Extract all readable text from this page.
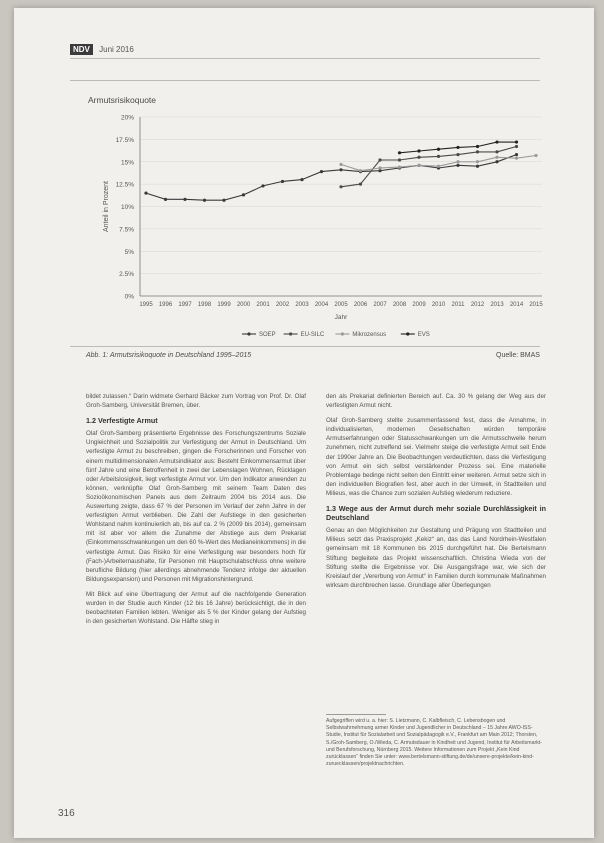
NDV Juni 2016
Armutsrisikoquote
0%
2.5%
5%
7.5%
10%
12.5%
15%
17.5%
20%
1995 1996 1997 1998 1999 2000 2001 2002 2003 2004 2005 2006 2007 2008 2009 2010 2011 2012 2013 2014 2015
Jahr
Anteil in Prozent
SOEP	EU-SILC	Mikrozensus	EVS
Abb. 1: Armutsrisikoquote in Deutschland 1995–2015	Quelle: BMAS

bildet zulassen.“ Darin widmete Gerhard Bäcker zum Vortrag von Prof. Dr. Olaf Groh-Samberg, Universität Bremen, über.

1.2 Verfestigte Armut

Olaf Groh-Samberg präsentierte Ergebnisse des Forschungszentrums Soziale Ungleichheit und Sozialpolitik zur Verfestigung der Armut in Deutschland. Um verfestigte Armut zu beschreiben, gingen die Forscherinnen und Forscher von einem multidimensionalen Armutsindikator aus: Besteht Einkommensarmut über fünf Jahre und eine Betroffenheit in zwei der Lebenslagen Wohnen, Rücklagen oder Arbeitslosigkeit, liegt verfestigte Armut vor. Um den Indikator anwenden zu können, verknüpfte Olaf Groh-Samberg mit seinem Team Daten des Sozioökonomischen Panels aus dem Zeitraum 2004 bis 2014 aus. Die Auswertung zeigte, dass 67 % der Personen im Verlauf der zehn Jahre in der verfestigten Armut verblieben. Die Zahl der Aufstiege in den gesicherten Wohlstand nahm kontinuierlich ab, bis auf ca. 2 % (2009 bis 2014), gemeinsam mit ist aber vor allem die Zunahme der Abstiege aus dem Prekariat (Einkommensschwankungen um den 60 %-Wert des Medianeinkommens) in die verfestigte Armut. Das Risiko für eine Verfestigung war besonders hoch für (Fach-)Arbeiternaushalte, für Personen mit Hauptschulabschluss ohne weitere berufliche Bildung (hier allerdings abnehmende Tendenz infolge der aktuellen Bildungsexpansion) und Personen mit Migrationshintergrund.

Mit Blick auf eine Übertragung der Armut auf die nachfolgende Generation wurden in der Studie auch Kinder (12 bis 16 Jahre) berücksichtigt, die in den beobachteten Familien lebten. Weniger als 5 % der Kinder gelang der Aufstieg in den gesicherten Wohlstand. Die Hälfte stieg in

den als Prekariat definierten Bereich auf. Ca. 30 % gelang der Weg aus der verfestigten Armut nicht.

Olaf Groh-Samberg stellte zusammenfassend fest, dass die Annahme, in individualisierten, modernen Gesellschaften würden temporäre Armutserfahrungen oder Statusschwankungen um die Armutsschwelle herum zunehmen, nicht zutreffend sei. Vielmehr steige die verfestigte Armut seit Ende der 1990er Jahre an. Die Beobachtungen verdeutlichten, dass die Verfestigung von Armut ein sich selbst verstärkender Prozess sei. Eine materielle Problemlage bedinge nicht selten den Eintritt einer weiteren. Armut setze sich in den individuellen Biografien fest, aber auch in der Umwelt, in Stadtteilen und Milieus, was die Chance zum sozialen Aufstieg wiederum reduziere.

1.3 Wege aus der Armut durch mehr soziale Durchlässigkeit in Deutschland

Genau an den Möglichkeiten zur Gestaltung und Prägung von Stadtteilen und Milieus setzt das Praxisprojekt „Kekiz“ an, das das Land Nordrhein-Westfalen gemeinsam mit 18 Kommunen bis 2015 durchgeführt hat. Die Bertelsmann Stiftung begleitete das Projekt wissenschaftlich. Christina Wieda von der Stiftung stellte die Ergebnisse vor. Die Ausgangsfrage war, wie sich der Kreislauf der „Vererbung von Armut“ in Familien durch kommunale Maßnahmen wirksam durchbrechen lasse. Grundlage aller Überlegungen

Aufgegriffen wird u. a. hier: S. Lietzmann, C. Kalbfleisch, C. Lebensbogen und Selbstwahrnehmung armer Kinder und Jugendlicher in Deutschland – 15 Jahre AWO-ISS-Studie, Institut für Sozialarbeit und Sozialpädagogik e.V., Frankfurt am Main 2012; Thorsten, S./Groh-Samberg, O./Wieda, C. Armutsdauer in Kindheit und Jugend, Institut für Arbeitsmarkt- und Berufsforschung, Nürnberg 2015. Weitere Informationen zum Projekt „Kein Kind zurücklassen“ finden Sie unter: www.bertelsmann-stiftung.de/de/unsere-projekte/kein-kind-zuruecklassen/projektnachrichten.
316
